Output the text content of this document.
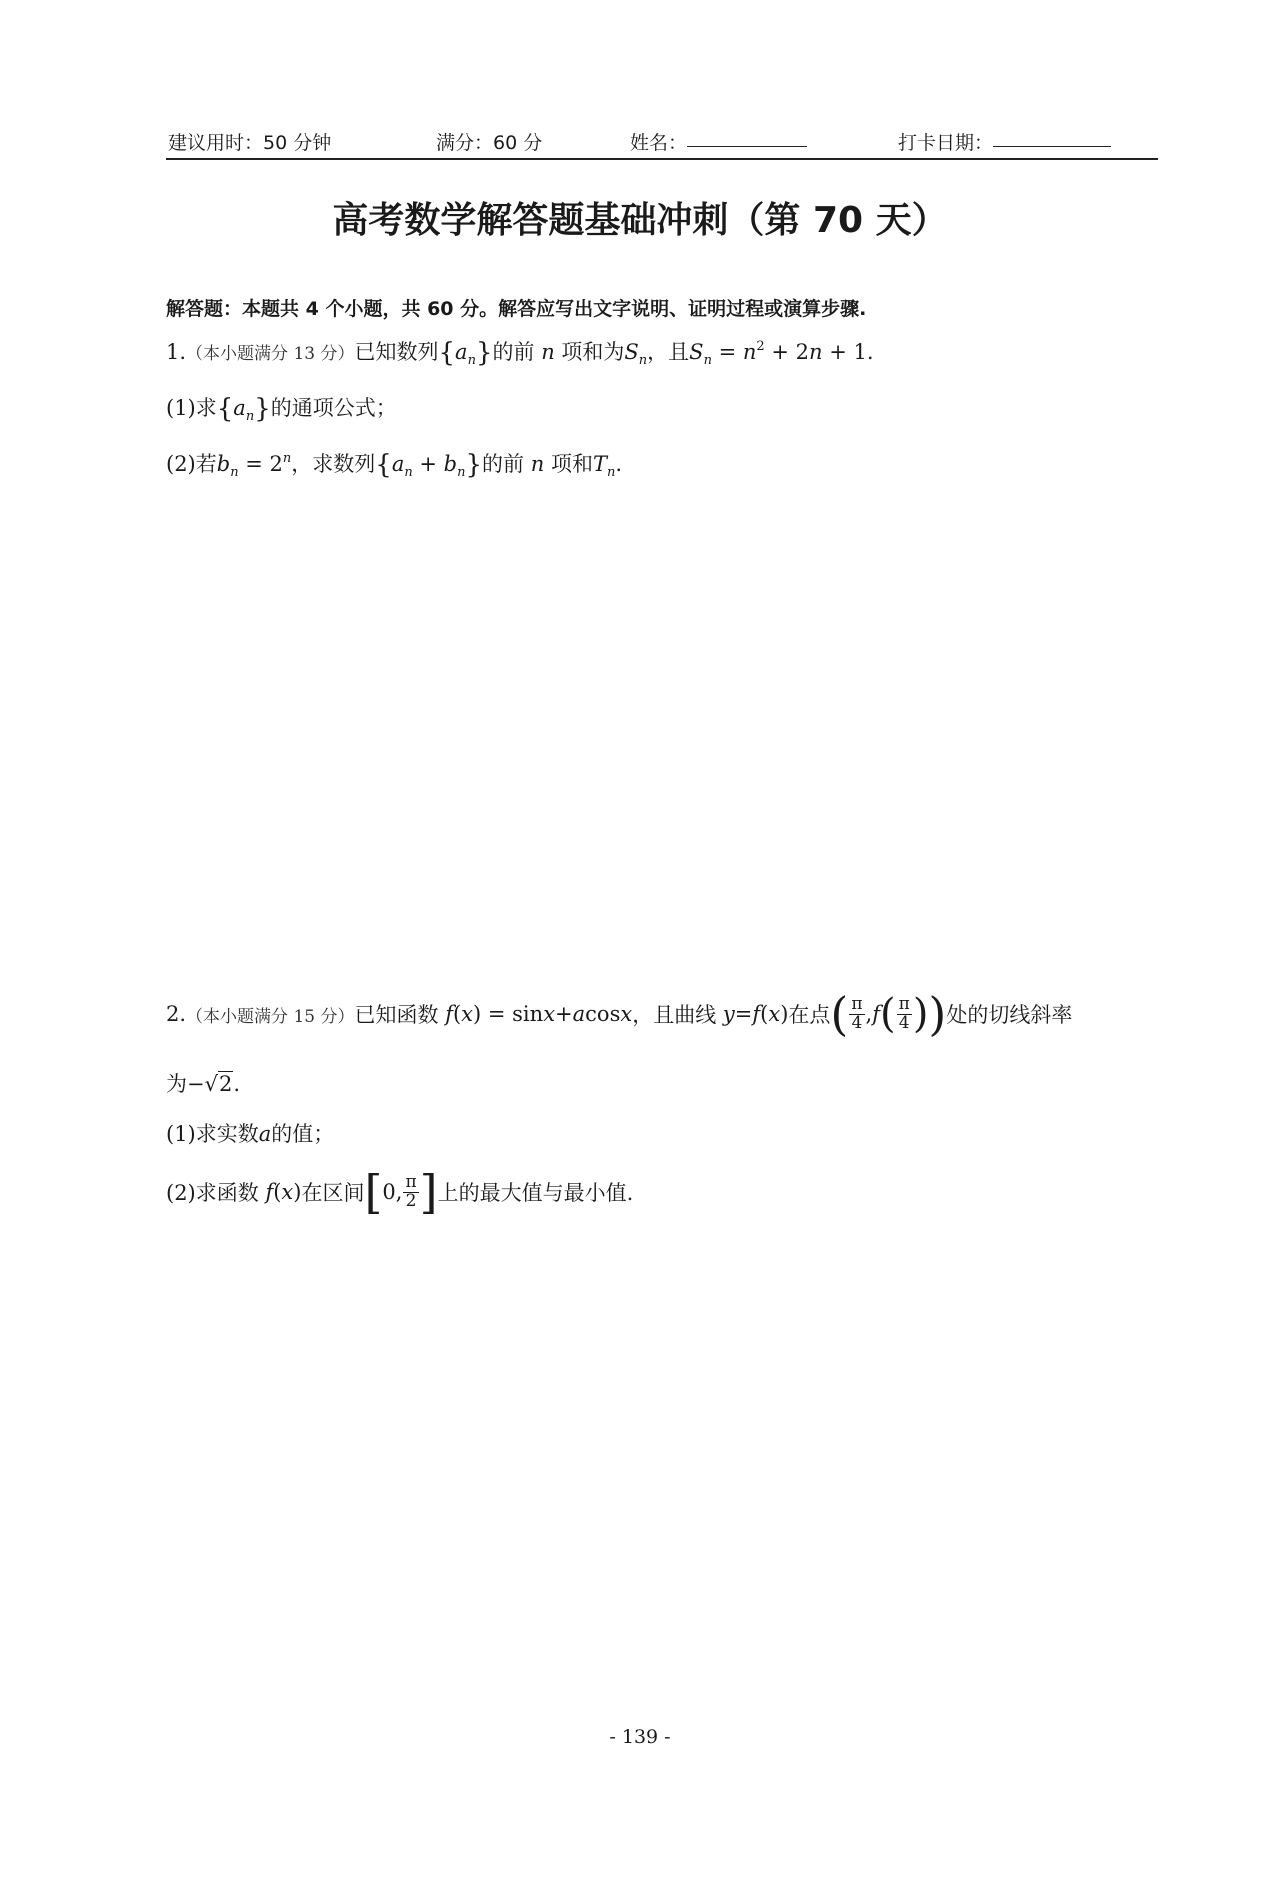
建议用时：50 分钟	满分：60 分	姓名：	打卡日期：
高考数学解答题基础冲刺（第 70 天）
解答题：本题共 4 个小题，共 60 分。解答应写出文字说明、证明过程或演算步骤.
1.（本小题满分 13 分）已知数列$\{a_n\}$的前 n 项和为$S_n$，且$S_n = n^2 + 2n + 1$.
(1)求$\{a_n\}$的通项公式；
(2)若$b_n = 2^n$，求数列$\{a_n + b_n\}$的前 n 项和$T_n$.
2. （本小题满分 15 分） 已知函数
f ( x ) = sin x + a cos x ，且曲线
y = f ( x ) 在点 ( $\frac{\pi}{4}$ , f ( $\frac{\pi}{4}$ ) ) 处的切线斜率
为−√2.
(1)求实数a的值；
(2)求函数
f ( x ) 在区间 [ 0, $\frac{\pi}{2}$ ] 上的最大值与最小值.
- 139 -
